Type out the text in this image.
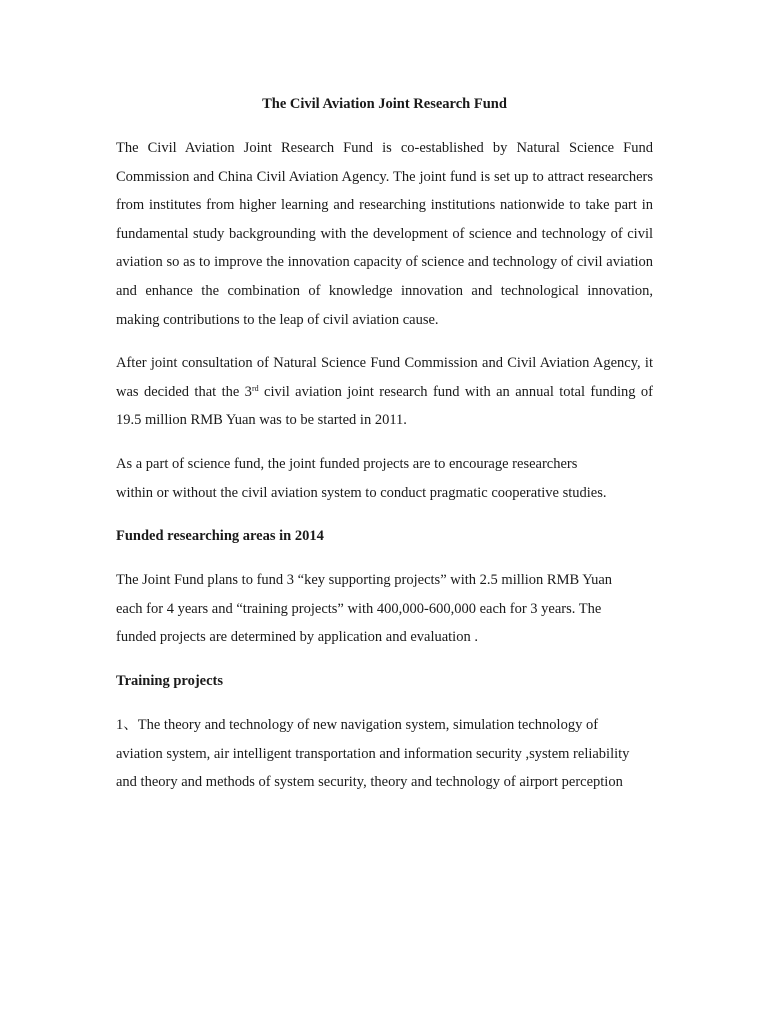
The Civil Aviation Joint Research Fund

The Civil Aviation Joint Research Fund is co-established by Natural Science Fund Commission and China Civil Aviation Agency. The joint fund is set up to attract researchers from institutes from higher learning and researching institutions nationwide to take part in fundamental study backgrounding with the development of science and technology of civil aviation so as to improve the innovation capacity of science and technology of civil aviation and enhance the combination of knowledge innovation and technological innovation, making contributions to the leap of civil aviation cause.

After joint consultation of Natural Science Fund Commission and Civil Aviation Agency, it was decided that the 3rd civil aviation joint research fund with an annual total funding of 19.5 million RMB Yuan was to be started in 2011.

As a part of science fund, the joint funded projects are to encourage researchers within or without the civil aviation system to conduct pragmatic cooperative studies.

Funded researching areas in 2014

The Joint Fund plans to fund 3 “key supporting projects” with 2.5 million RMB Yuan each for 4 years and “training projects” with 400,000-600,000 each for 3 years. The funded projects are determined by application and evaluation .

Training projects

1、The theory and technology of new navigation system, simulation technology of aviation system, air intelligent transportation and information security ,system reliability and theory and methods of system security, theory and technology of airport perception
